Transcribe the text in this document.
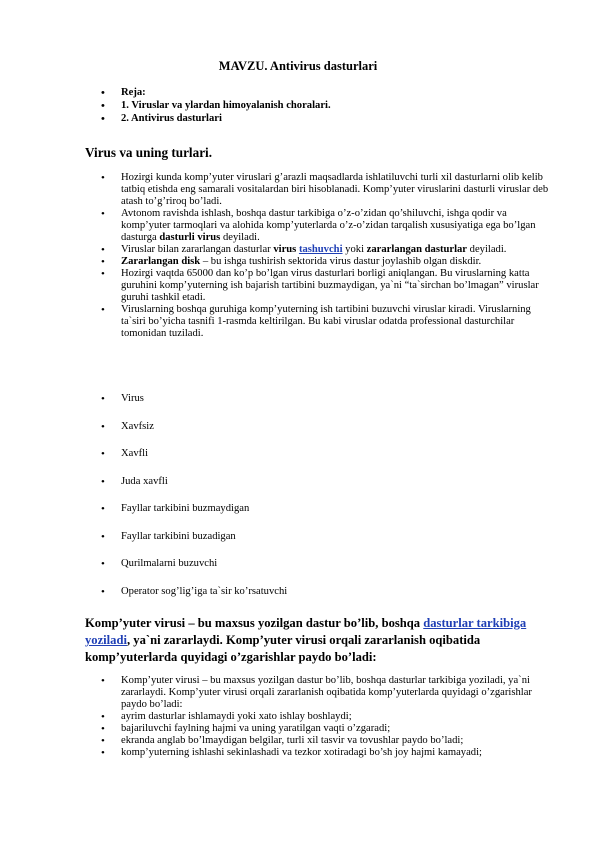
MAVZU. Antivirus dasturlari
• Reja:
• 1. Viruslar va ylardan himoyalanish choralari.
• 2. Antivirus dasturlari
Virus va uning turlari.
• Hozirgi kunda komp’yuter viruslari g’arazli maqsadlarda ishlatiluvchi turli xil dasturlarni olib kelib tatbiq etishda eng samarali vositalardan biri hisoblanadi. Komp’yuter viruslarini dasturli viruslar deb atash to’g’riroq bo’ladi.
• Avtonom ravishda ishlash, boshqa dastur tarkibiga o’z-o’zidan qo’shiluvchi, ishga qodir va komp’yuter tarmoqlari va alohida komp’yuterlarda o’z-o’zidan tarqalish xususiyatiga ega bo’lgan dasturga dasturli virus deyiladi.
• Viruslar bilan zararlangan dasturlar virus tashuvchi yoki zararlangan dasturlar deyiladi.
• Zararlangan disk – bu ishga tushirish sektorida virus dastur joylashib olgan diskdir.
• Hozirgi vaqtda 65000 dan ko’p bo’lgan virus dasturlari borligi aniqlangan. Bu viruslarning katta guruhini komp’yuterning ish bajarish tartibini buzmaydigan, ya`ni “ta`sirchan bo’lmagan” viruslar guruhi tashkil etadi.
• Viruslarning boshqa guruhiga komp’yuterning ish tartibini buzuvchi viruslar kiradi. Viruslarning ta`siri bo’yicha tasnifi 1-rasmda keltirilgan. Bu kabi viruslar odatda professional dasturchilar tomonidan tuziladi.
• Virus
• Xavfsiz
• Xavfli
• Juda xavfli
• Fayllar tarkibini buzmaydigan
• Fayllar tarkibini buzadigan
• Qurilmalarni buzuvchi
• Operator sog’lig’iga ta`sir ko’rsatuvchi
Komp’yuter virusi – bu maxsus yozilgan dastur bo’lib, boshqa dasturlar tarkibiga yoziladi, ya`ni zararlaydi. Komp’yuter virusi orqali zararlanish oqibatida komp’yuterlarda quyidagi o’zgarishlar paydo bo’ladi:
• Komp’yuter virusi – bu maxsus yozilgan dastur bo’lib, boshqa dasturlar tarkibiga yoziladi, ya`ni zararlaydi. Komp’yuter virusi orqali zararlanish oqibatida komp’yuterlarda quyidagi o’zgarishlar paydo bo’ladi:
• ayrim dasturlar ishlamaydi yoki xato ishlay boshlaydi;
• bajariluvchi faylning hajmi va uning yaratilgan vaqti o’zgaradi;
• ekranda anglab bo’lmaydigan belgilar, turli xil tasvir va tovushlar paydo bo’ladi;
• komp’yuterning ishlashi sekinlashadi va tezkor xotiradagi bo’sh joy hajmi kamayadi;
